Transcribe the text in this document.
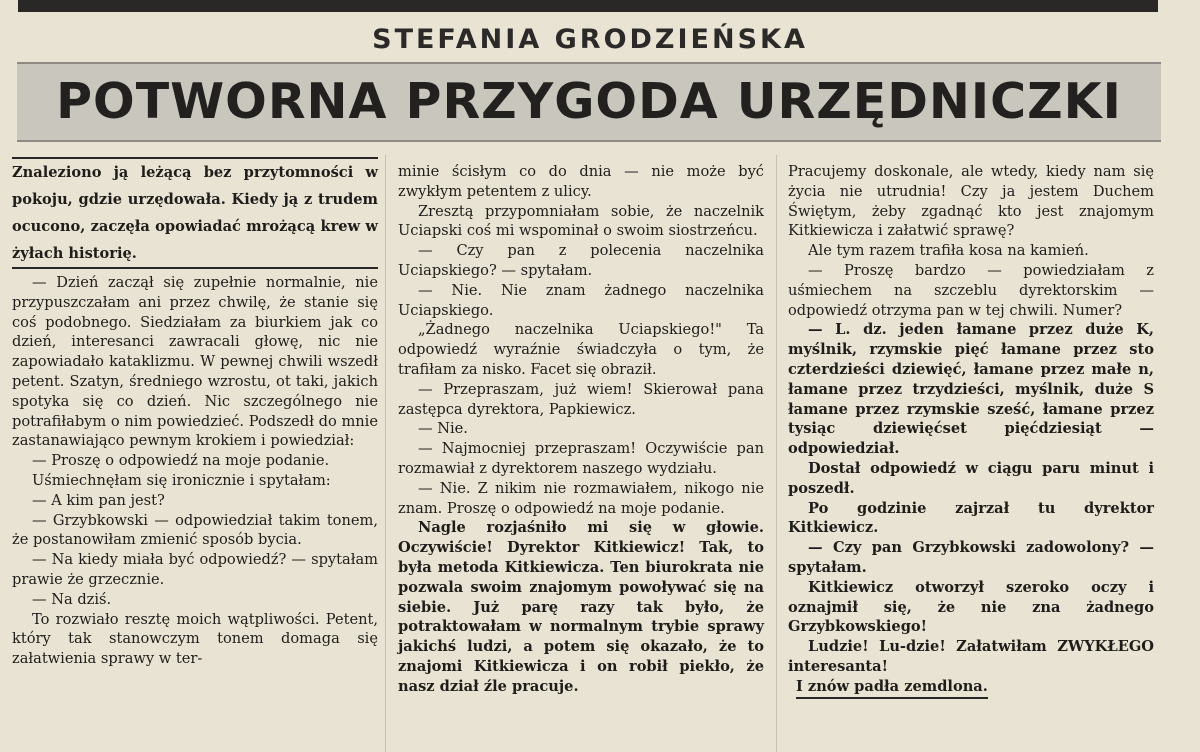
STEFANIA GRODZIEŃSKA
POTWORNA PRZYGODA URZĘDNICZKI
Znaleziono ją leżącą bez przytomności w pokoju, gdzie urzędowała. Kiedy ją z trudem ocucono, zaczęła opowiadać mrożącą krew w żyłach historię.

— Dzień zaczął się zupełnie normalnie, nie przypuszczałam ani przez chwilę, że stanie się coś podobnego. Siedziałam za biurkiem jak co dzień, interesanci zawracali głowę, nic nie zapowiadało kataklizmu. W pewnej chwili wszedł petent. Szatyn, średniego wzrostu, ot taki, jakich spotyka się co dzień. Nic szczególnego nie potrafiłabym o nim powiedzieć. Podszedł do mnie zastanawiająco pewnym krokiem i powiedział:

— Proszę o odpowiedź na moje podanie.

Uśmiechnęłam się ironicznie i spytałam:

— A kim pan jest?

— Grzybkowski — odpowiedział takim tonem, że postanowiłam zmienić sposób bycia.

— Na kiedy miała być odpowiedź? — spytałam prawie że grzecznie.

— Na dziś.

To rozwiało resztę moich wątpliwości. Petent, który tak stanowczym tonem domaga się załatwienia sprawy w ter-

minie ścisłym co do dnia — nie może być zwykłym petentem z ulicy.

Zresztą przypomniałam sobie, że naczelnik Uciapski coś mi wspominał o swoim siostrzeńcu.

— Czy pan z polecenia naczelnika Uciapskiego? — spytałam.

— Nie. Nie znam żadnego naczelnika Uciapskiego.

„Żadnego naczelnika Uciapskiego!" Ta odpowiedź wyraźnie świadczyła o tym, że trafiłam za nisko. Facet się obraził.

— Przepraszam, już wiem! Skierował pana zastępca dyrektora, Papkiewicz.

— Nie.

— Najmocniej przepraszam! Oczywiście pan rozmawiał z dyrektorem naszego wydziału.

— Nie. Z nikim nie rozmawiałem, nikogo nie znam. Proszę o odpowiedź na moje podanie.

Nagle rozjaśniło mi się w głowie. Oczywiście! Dyrektor Kitkiewicz! Tak, to była metoda Kitkiewicza. Ten biurokrata nie pozwala swoim znajomym powoływać się na siebie. Już parę razy tak było, że potraktowałam w normalnym trybie sprawy jakichś ludzi, a potem się okazało, że to znajomi Kitkiewicza i on robił piekło, że nasz dział źle pracuje.

Pracujemy doskonale, ale wtedy, kiedy nam się życia nie utrudnia! Czy ja jestem Duchem Świętym, żeby zgadnąć kto jest znajomym Kitkiewicza i załatwić sprawę?

Ale tym razem trafiła kosa na kamień.

— Proszę bardzo — powiedziałam z uśmiechem na szczeblu dyrektorskim — odpowiedź otrzyma pan w tej chwili. Numer?

— L. dz. jeden łamane przez duże K, myślnik, rzymskie pięć łamane przez sto czterdzieści dziewięć, łamane przez małe n, łamane przez trzydzieści, myślnik, duże S łamane przez rzymskie sześć, łamane przez tysiąc dziewięćset pięćdziesiąt — odpowiedział.

Dostał odpowiedź w ciągu paru minut i poszedł.

Po godzinie zajrzał tu dyrektor Kitkiewicz.

— Czy pan Grzybkowski zadowolony? — spytałam.

Kitkiewicz otworzył szeroko oczy i oznajmił się, że nie zna żadnego Grzybkowskiego!

Ludzie! Lu-dzie! Załatwiłam ZWYKŁEGO interesanta!

I znów padła zemdlona.
